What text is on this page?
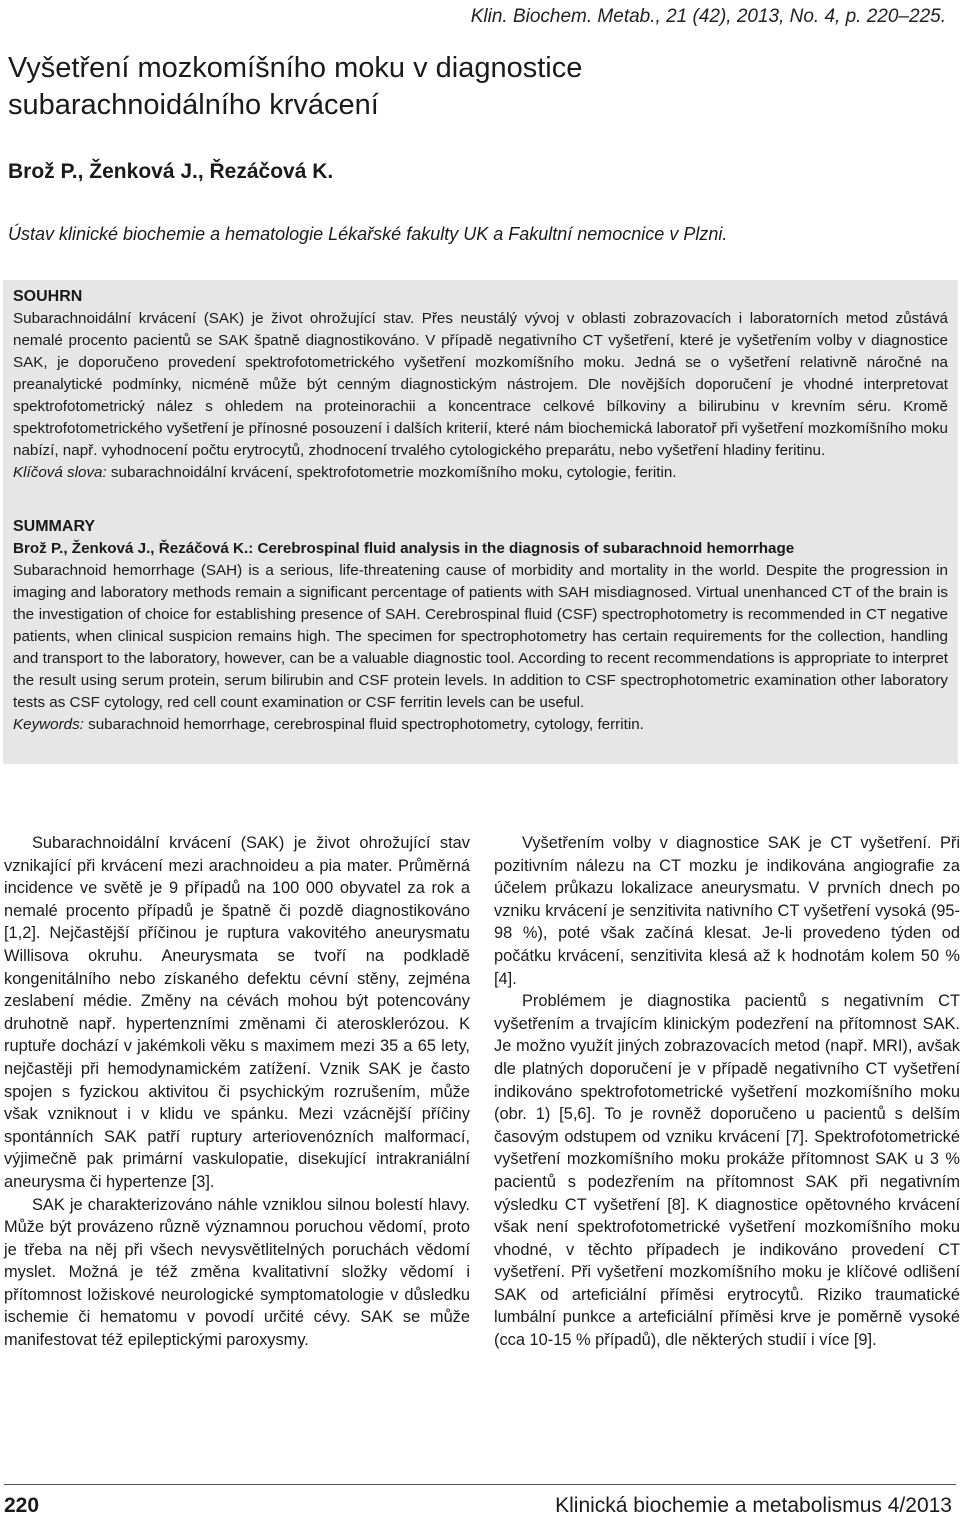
Klin. Biochem. Metab., 21 (42), 2013, No. 4, p. 220–225.
Vyšetření mozkomíšního moku v diagnostice
subarachnoidálního krvácení
Brož P., Ženková J., Řezáčová K.
Ústav klinické biochemie a hematologie Lékařské fakulty UK a Fakultní nemocnice v Plzni.
SOUHRN

Subarachnoidální krvácení (SAK) je život ohrožující stav. Přes neustálý vývoj v oblasti zobrazovacích i laboratorních metod zůstává nemalé procento pacientů se SAK špatně diagnostikováno. V případě negativního CT vyšetření, které je vyšetřením volby v diagnostice SAK, je doporučeno provedení spektrofotometrického vyšetření mozkomíšního moku. Jedná se o vyšetření relativně náročné na preanalytické podmínky, nicméně může být cenným diagnostickým nástrojem. Dle novějších doporučení je vhodné interpretovat spektrofotometrický nález s ohledem na proteinorachii a koncentrace celkové bílkoviny a bilirubinu v krevním séru. Kromě spektrofotometrického vyšetření je přínosné posouzení i dalších kriterií, které nám biochemická laboratoř při vyšetření mozkomíšního moku nabízí, např. vyhodnocení počtu erytrocytů, zhodnocení trvalého cytologického preparátu, nebo vyšetření hladiny feritinu.

Klíčová slova: subarachnoidální krvácení, spektrofotometrie mozkomíšního moku, cytologie, feritin.

SUMMARY
Brož P., Ženková J., Řezáčová K.: Cerebrospinal fluid analysis in the diagnosis of subarachnoid hemorrhage

Subarachnoid hemorrhage (SAH) is a serious, life-threatening cause of morbidity and mortality in the world. Despite the progression in imaging and laboratory methods remain a significant percentage of patients with SAH misdiagnosed. Virtual unenhanced CT of the brain is the investigation of choice for establishing presence of SAH. Cerebrospinal fluid (CSF) spectrophotometry is recommended in CT negative patients, when clinical suspicion remains high. The specimen for spectrophotometry has certain requirements for the collection, handling and transport to the laboratory, however, can be a valuable diagnostic tool. According to recent recommendations is appropriate to interpret the result using serum protein, serum bilirubin and CSF protein levels. In addition to CSF spectrophotometric examination other laboratory tests as CSF cytology, red cell count examination or CSF ferritin levels can be useful.

Keywords: subarachnoid hemorrhage, cerebrospinal fluid spectrophotometry, cytology, ferritin.

Subarachnoidální krvácení (SAK) je život ohrožující stav vznikající při krvácení mezi arachnoideu a pia mater. Průměrná incidence ve světě je 9 případů na 100 000 obyvatel za rok a nemalé procento případů je špatně či pozdě diagnostikováno [1,2]. Nejčastější příčinou je ruptura vakovitého aneurysmatu Willisova okruhu. Aneurysmata se tvoří na podkladě kongenitálního nebo získaného defektu cévní stěny, zejména zeslabení médie. Změny na cévách mohou být potencovány druhotně např. hypertenzními změnami či aterosklerózou. K ruptuře dochází v jakémkoli věku s maximem mezi 35 a 65 lety, nejčastěji při hemodynamickém zatížení. Vznik SAK je často spojen s fyzickou aktivitou či psychickým rozrušením, může však vzniknout i v klidu ve spánku. Mezi vzácnější příčiny spontánních SAK patří ruptury arteriovenózních malformací, výjimečně pak primární vaskulopatie, disekující intrakraniální aneurysma či hypertenze [3].

SAK je charakterizováno náhle vzniklou silnou bolestí hlavy. Může být provázeno různě významnou poruchou vědomí, proto je třeba na něj při všech nevysvětlitelných poruchách vědomí myslet. Možná je též změna kvalitativní složky vědomí i přítomnost ložiskové neurologické symptomatologie v důsledku ischemie či hematomu v povodí určité cévy. SAK se může manifestovat též epileptickými paroxysmy.

Vyšetřením volby v diagnostice SAK je CT vyšetření. Při pozitivním nálezu na CT mozku je indikována angiografie za účelem průkazu lokalizace aneurysmatu. V prvních dnech po vzniku krvácení je senzitivita nativního CT vyšetření vysoká (95-98 %), poté však začíná klesat. Je-li provedeno týden od počátku krvácení, senzitivita klesá až k hodnotám kolem 50 % [4].

Problémem je diagnostika pacientů s negativním CT vyšetřením a trvajícím klinickým podezření na přítomnost SAK. Je možno využít jiných zobrazovacích metod (např. MRI), avšak dle platných doporučení je v případě negativního CT vyšetření indikováno spektrofotometrické vyšetření mozkomíšního moku (obr. 1) [5,6]. To je rovněž doporučeno u pacientů s delším časovým odstupem od vzniku krvácení [7]. Spektrofotometrické vyšetření mozkomíšního moku prokáže přítomnost SAK u 3 % pacientů s podezřením na přítomnost SAK při negativním výsledku CT vyšetření [8]. K diagnostice opětovného krvácení však není spektrofotometrické vyšetření mozkomíšního moku vhodné, v těchto případech je indikováno provedení CT vyšetření. Při vyšetření mozkomíšního moku je klíčové odlišení SAK od arteficiální příměsi erytrocytů. Riziko traumatické lumbální punkce a arteficiální příměsi krve je poměrně vysoké (cca 10-15 % případů), dle některých studií i více [9].

220	Klinická biochemie a metabolismus 4/2013
